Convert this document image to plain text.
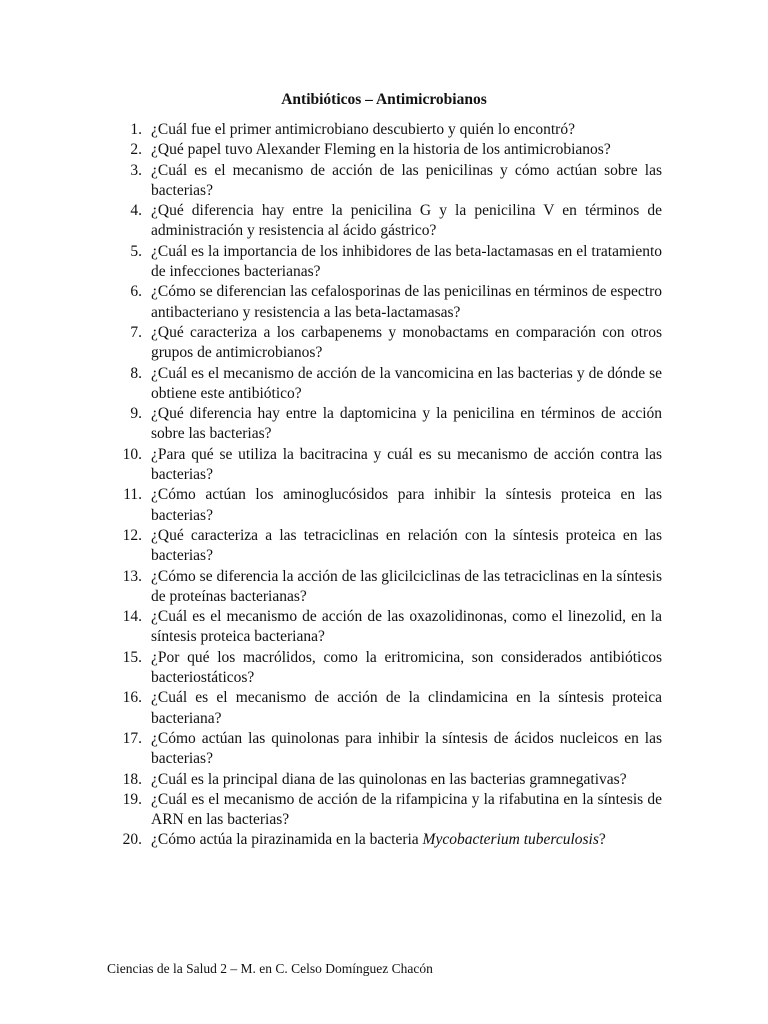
Antibióticos – Antimicrobianos
1. ¿Cuál fue el primer antimicrobiano descubierto y quién lo encontró?
2. ¿Qué papel tuvo Alexander Fleming en la historia de los antimicrobianos?
3. ¿Cuál es el mecanismo de acción de las penicilinas y cómo actúan sobre las bacterias?
4. ¿Qué diferencia hay entre la penicilina G y la penicilina V en términos de administración y resistencia al ácido gástrico?
5. ¿Cuál es la importancia de los inhibidores de las beta-lactamasas en el tratamiento de infecciones bacterianas?
6. ¿Cómo se diferencian las cefalosporinas de las penicilinas en términos de espectro antibacteriano y resistencia a las beta-lactamasas?
7. ¿Qué caracteriza a los carbapenems y monobactams en comparación con otros grupos de antimicrobianos?
8. ¿Cuál es el mecanismo de acción de la vancomicina en las bacterias y de dónde se obtiene este antibiótico?
9. ¿Qué diferencia hay entre la daptomicina y la penicilina en términos de acción sobre las bacterias?
10. ¿Para qué se utiliza la bacitracina y cuál es su mecanismo de acción contra las bacterias?
11. ¿Cómo actúan los aminoglucósidos para inhibir la síntesis proteica en las bacterias?
12. ¿Qué caracteriza a las tetraciclinas en relación con la síntesis proteica en las bacterias?
13. ¿Cómo se diferencia la acción de las glicilciclinas de las tetraciclinas en la síntesis de proteínas bacterianas?
14. ¿Cuál es el mecanismo de acción de las oxazolidinonas, como el linezolid, en la síntesis proteica bacteriana?
15. ¿Por qué los macrólidos, como la eritromicina, son considerados antibióticos bacteriostáticos?
16. ¿Cuál es el mecanismo de acción de la clindamicina en la síntesis proteica bacteriana?
17. ¿Cómo actúan las quinolonas para inhibir la síntesis de ácidos nucleicos en las bacterias?
18. ¿Cuál es la principal diana de las quinolonas en las bacterias gramnegativas?
19. ¿Cuál es el mecanismo de acción de la rifampicina y la rifabutina en la síntesis de ARN en las bacterias?
20. ¿Cómo actúa la pirazinamida en la bacteria Mycobacterium tuberculosis?

Ciencias de la Salud 2 – M. en C. Celso Domínguez Chacón
